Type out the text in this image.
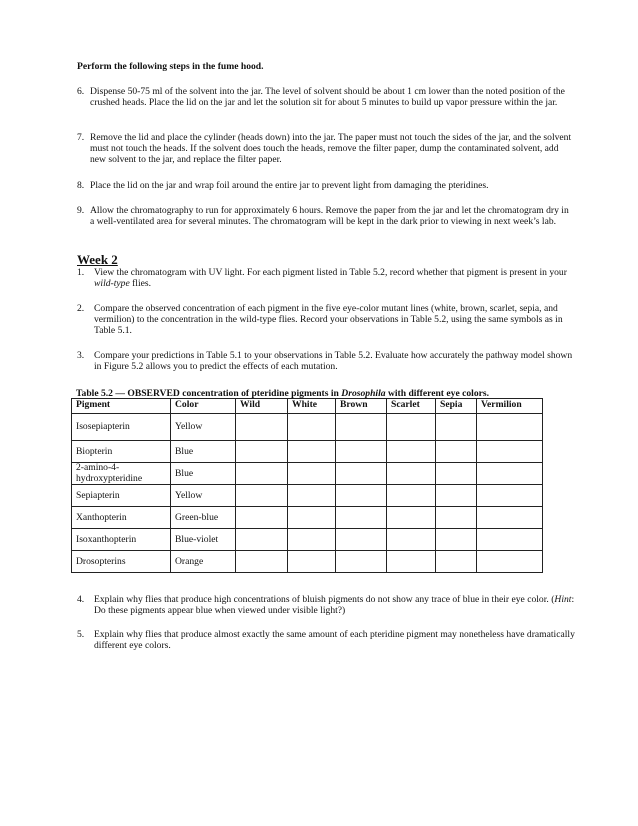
Perform the following steps in the fume hood.
6. Dispense 50-75 ml of the solvent into the jar. The level of solvent should be about 1 cm lower than the noted position of the crushed heads. Place the lid on the jar and let the solution sit for about 5 minutes to build up vapor pressure within the jar.
7. Remove the lid and place the cylinder (heads down) into the jar. The paper must not touch the sides of the jar, and the solvent must not touch the heads. If the solvent does touch the heads, remove the filter paper, dump the contaminated solvent, add new solvent to the jar, and replace the filter paper.
8. Place the lid on the jar and wrap foil around the entire jar to prevent light from damaging the pteridines.
9. Allow the chromatography to run for approximately 6 hours. Remove the paper from the jar and let the chromatogram dry in a well-ventilated area for several minutes. The chromatogram will be kept in the dark prior to viewing in next week’s lab.
Week 2
1. View the chromatogram with UV light. For each pigment listed in Table 5.2, record whether that pigment is present in your wild-type flies.
2. Compare the observed concentration of each pigment in the five eye-color mutant lines (white, brown, scarlet, sepia, and vermilion) to the concentration in the wild-type flies. Record your observations in Table 5.2, using the same symbols as in Table 5.1.
3. Compare your predictions in Table 5.1 to your observations in Table 5.2. Evaluate how accurately the pathway model shown in Figure 5.2 allows you to predict the effects of each mutation.
Table 5.2 — OBSERVED concentration of pteridine pigments in Drosophila with different eye colors.
Pigment	Color	Wild	White	Brown	Scarlet	Sepia	Vermilion
Isosepiapterin	Yellow						
Biopterin	Blue						

2-amino-4-hydroxypteridine	Blue						
Sepiapterin	Yellow						
Xanthopterin	Green-blue						
Isoxanthopterin	Blue-violet						
Drosopterins	Orange						
4. Explain why flies that produce high concentrations of bluish pigments do not show any trace of blue in their eye color. (Hint: Do these pigments appear blue when viewed under visible light?)
5. Explain why flies that produce almost exactly the same amount of each pteridine pigment may nonetheless have dramatically different eye colors.
